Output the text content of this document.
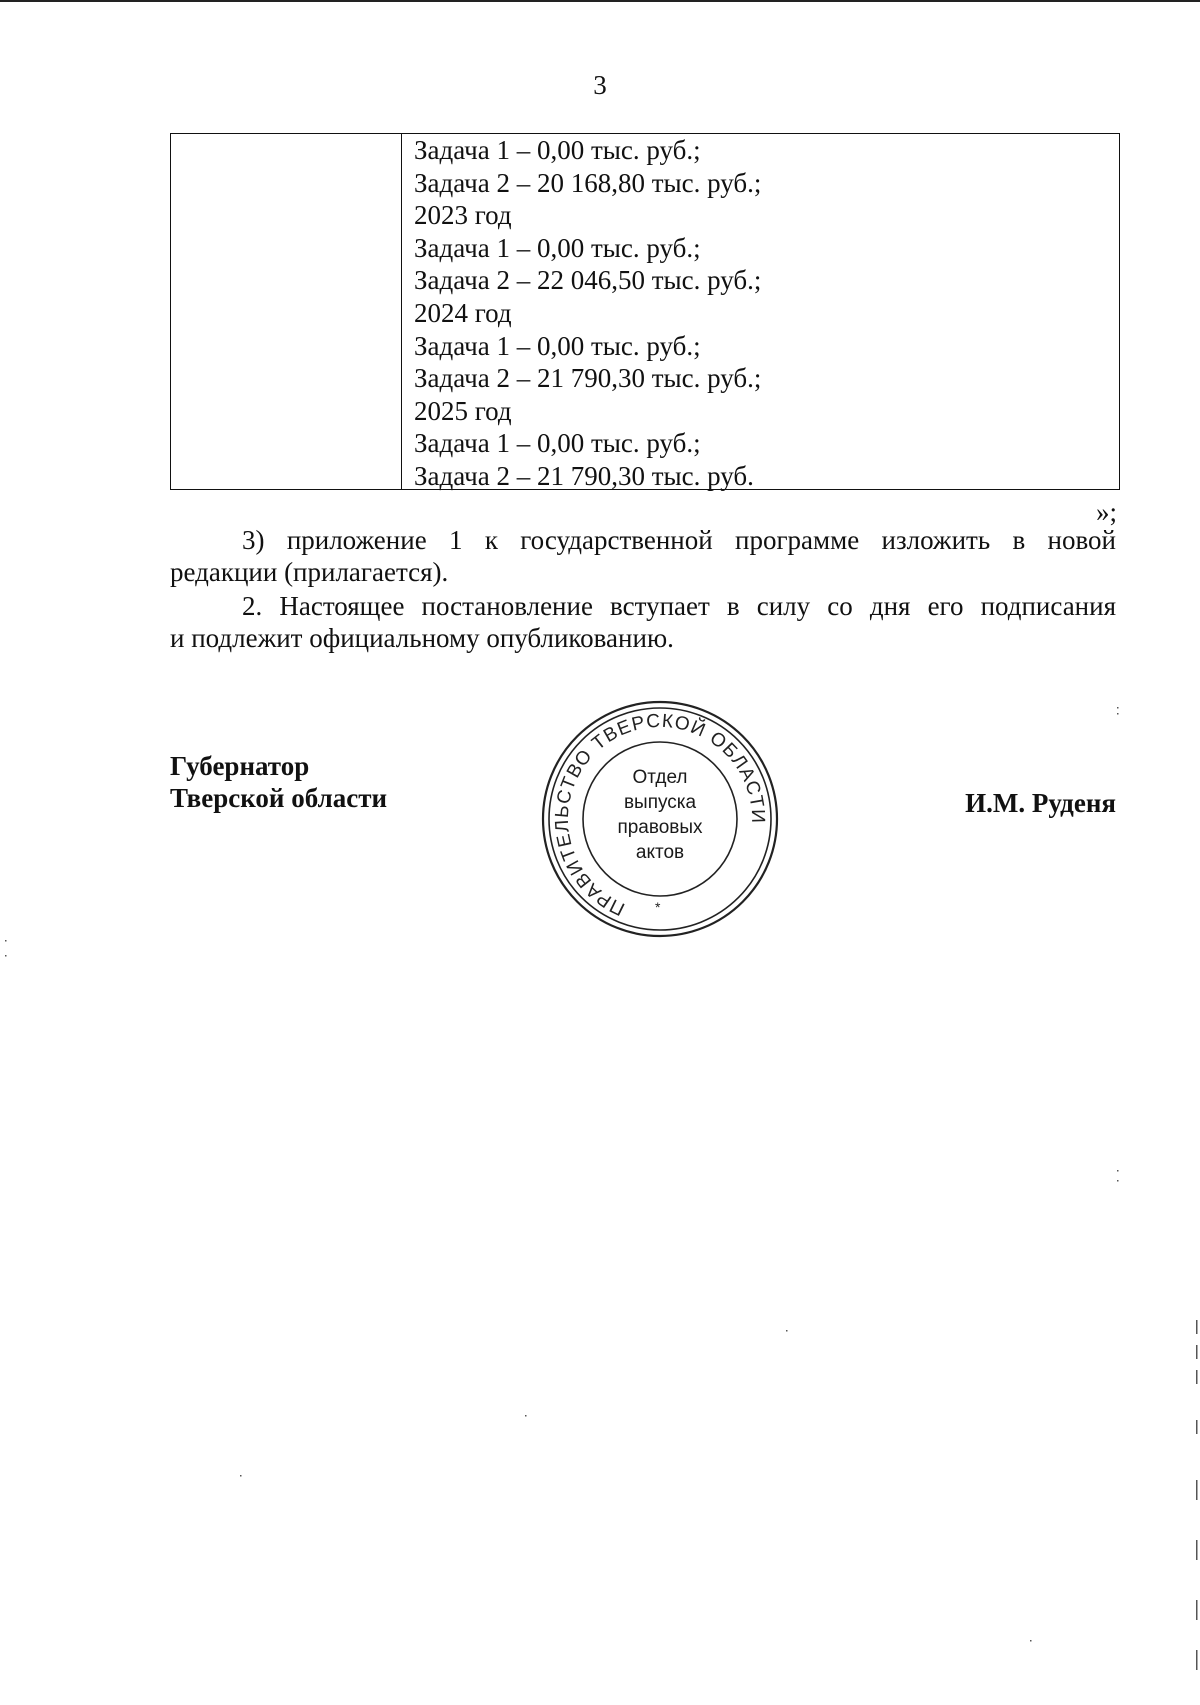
3
Задача 1 – 0,00 тыс. руб.;
Задача 2 – 20 168,80 тыс. руб.;
2023 год
Задача 1 – 0,00 тыс. руб.;
Задача 2 – 22 046,50 тыс. руб.;
2024 год
Задача 1 – 0,00 тыс. руб.;
Задача 2 – 21 790,30 тыс. руб.;
2025 год
Задача 1 – 0,00 тыс. руб.;
Задача 2 – 21 790,30 тыс. руб.
»;
3) приложение 1 к государственной программе изложить в новой
редакции (прилагается).
2. Настоящее постановление вступает в силу со дня его подписания
и подлежит официальному опубликованию.
Губернатор
Тверской области	И.М. Руденя
ПРАВИТЕЛЬСТВО ТВЕРСКОЙ ОБЛАСТИ
*
Отдел
выпуска
правовых
актов
